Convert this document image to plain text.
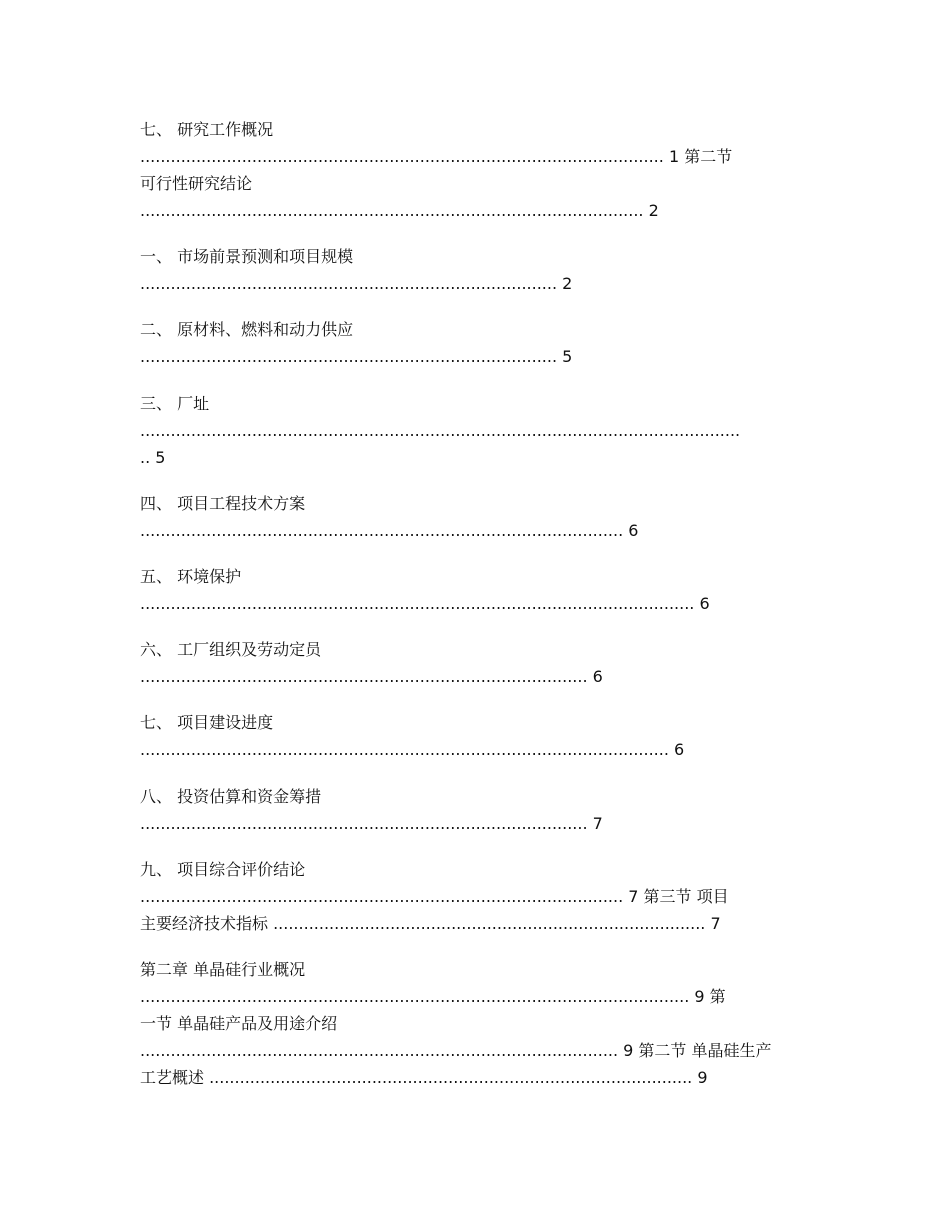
七、 研究工作概况
....................................................................................................... 1 第二节
可行性研究结论
................................................................................................... 2
一、 市场前景预测和项目规模
.................................................................................. 2
二、 原材料、燃料和动力供应
.................................................................................. 5
三、 厂址
......................................................................................................................
.. 5
四、 项目工程技术方案
............................................................................................... 6
五、 环境保护
............................................................................................................. 6
六、 工厂组织及劳动定员
........................................................................................ 6
七、 项目建设进度
........................................................................................................ 6
八、 投资估算和资金筹措
........................................................................................ 7
九、 项目综合评价结论
............................................................................................... 7 第三节 项目
主要经济技术指标 ..................................................................................... 7
第二章 单晶硅行业概况
............................................................................................................ 9 第
一节 单晶硅产品及用途介绍
.............................................................................................. 9 第二节 单晶硅生产
工艺概述 ............................................................................................... 9
